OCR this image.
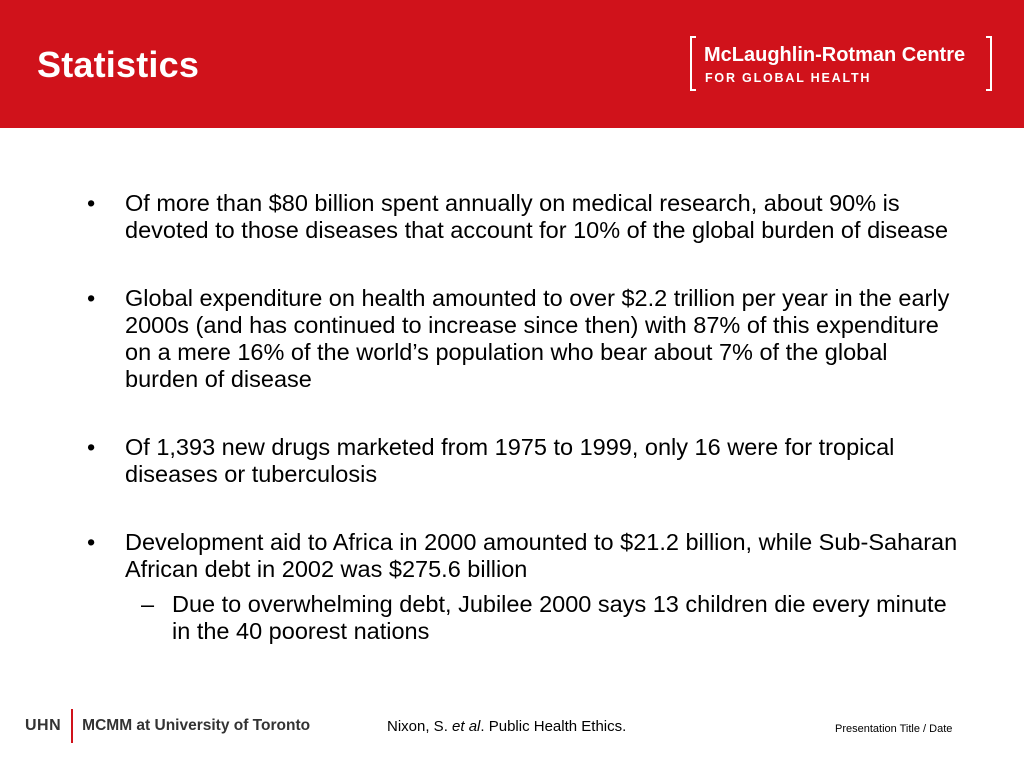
Statistics	McLaughlin-Rotman Centre
FOR GLOBAL HEALTH
• Of more than $80 billion spent annually on medical research, about 90% is devoted to those diseases that account for 10% of the global burden of disease
• Global expenditure on health amounted to over $2.2 trillion per year in the early 2000s (and has continued to increase since then) with 87% of this expenditure on a mere 16% of the world’s population who bear about 7% of the global burden of disease
• Of 1,393 new drugs marketed from 1975 to 1999, only 16 were for tropical diseases or tuberculosis
• Development aid to Africa in 2000 amounted to $21.2 billion, while Sub-Saharan African debt in 2002 was $275.6 billion
– Due to overwhelming debt, Jubilee 2000 says 13 children die every minute in the 40 poorest nations
UHN MCMM at University of Toronto	Nixon, S. et al. Public Health Ethics.	Presentation Title / Date
